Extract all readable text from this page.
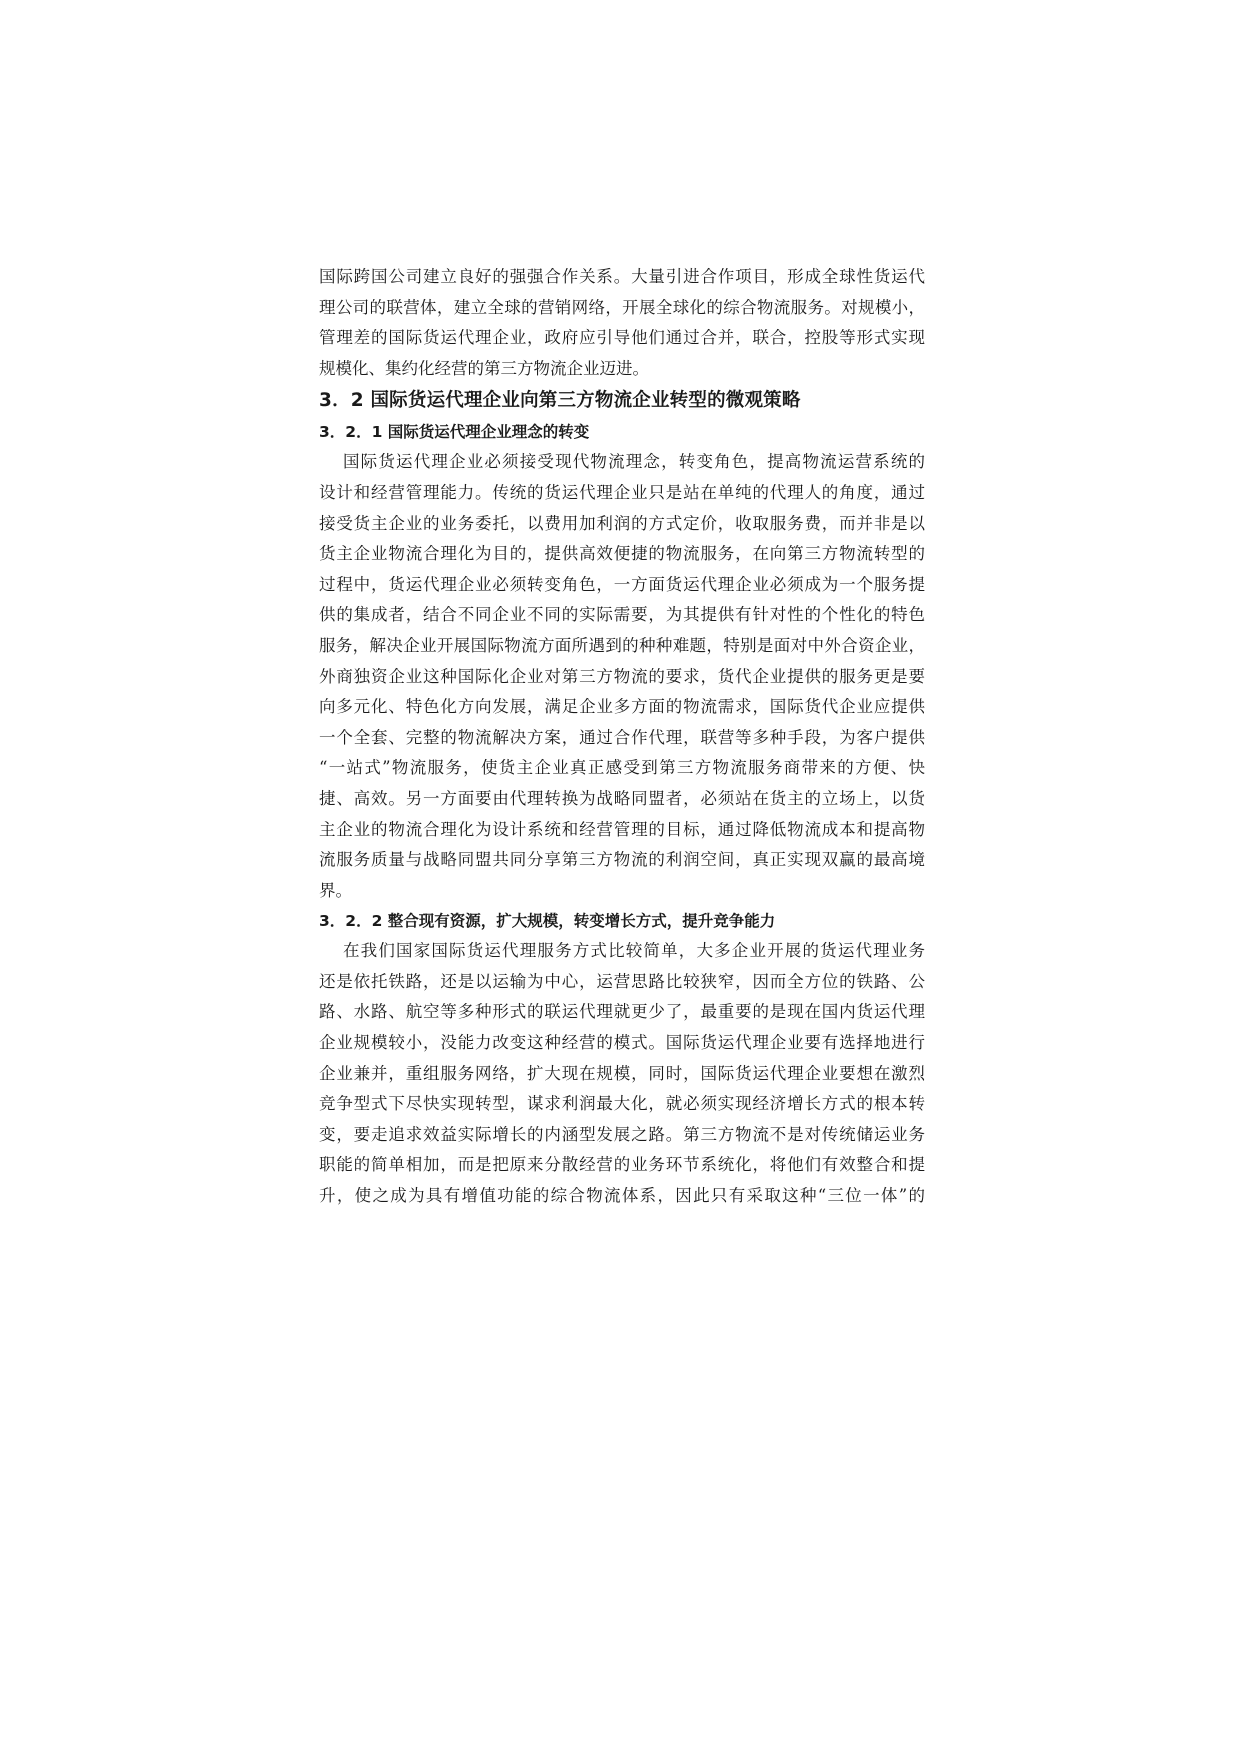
国际跨国公司建立良好的强强合作关系。大量引进合作项目，形成全球性货运代
理公司的联营体，建立全球的营销网络，开展全球化的综合物流服务。对规模小，
管理差的国际货运代理企业，政府应引导他们通过合并，联合，控股等形式实现
规模化、集约化经营的第三方物流企业迈进。
3．2 国际货运代理企业向第三方物流企业转型的微观策略
3．2．1 国际货运代理企业理念的转变
国际货运代理企业必须接受现代物流理念，转变角色，提高物流运营系统的
设计和经营管理能力。传统的货运代理企业只是站在单纯的代理人的角度，通过
接受货主企业的业务委托，以费用加利润的方式定价，收取服务费，而并非是以
货主企业物流合理化为目的，提供高效便捷的物流服务，在向第三方物流转型的
过程中，货运代理企业必须转变角色，一方面货运代理企业必须成为一个服务提
供的集成者，结合不同企业不同的实际需要，为其提供有针对性的个性化的特色
服务，解决企业开展国际物流方面所遇到的种种难题，特别是面对中外合资企业，
外商独资企业这种国际化企业对第三方物流的要求，货代企业提供的服务更是要
向多元化、特色化方向发展，满足企业多方面的物流需求，国际货代企业应提供
一个全套、完整的物流解决方案，通过合作代理，联营等多种手段，为客户提供
“一站式”物流服务，使货主企业真正感受到第三方物流服务商带来的方便、快
捷、高效。另一方面要由代理转换为战略同盟者，必须站在货主的立场上，以货
主企业的物流合理化为设计系统和经营管理的目标，通过降低物流成本和提高物
流服务质量与战略同盟共同分享第三方物流的利润空间，真正实现双赢的最高境
界。
3．2．2 整合现有资源，扩大规模，转变增长方式，提升竞争能力
在我们国家国际货运代理服务方式比较简单，大多企业开展的货运代理业务
还是依托铁路，还是以运输为中心，运营思路比较狭窄，因而全方位的铁路、公
路、水路、航空等多种形式的联运代理就更少了，最重要的是现在国内货运代理
企业规模较小，没能力改变这种经营的模式。国际货运代理企业要有选择地进行
企业兼并，重组服务网络，扩大现在规模，同时，国际货运代理企业要想在激烈
竞争型式下尽快实现转型，谋求利润最大化，就必须实现经济增长方式的根本转
变，要走追求效益实际增长的内涵型发展之路。第三方物流不是对传统储运业务
职能的简单相加，而是把原来分散经营的业务环节系统化，将他们有效整合和提
升，使之成为具有增值功能的综合物流体系，因此只有采取这种“三位一体”的
